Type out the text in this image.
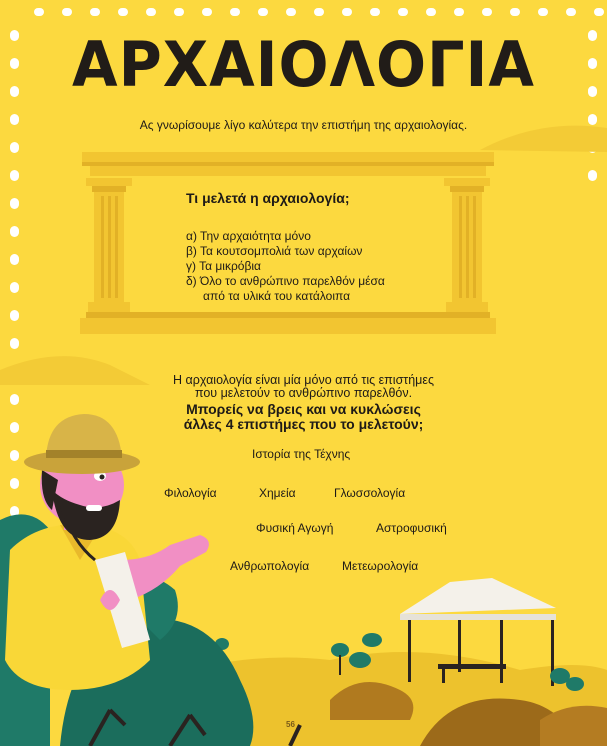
ΑΡΧΑΙΟΛΟΓΙΑ
Ας γνωρίσουμε λίγο καλύτερα την επιστήμη της αρχαιολογίας.
Τι μελετά η αρχαιολογία;
α) Την αρχαιότητα μόνο
β) Τα κουτσομπολιά των αρχαίων
γ) Τα μικρόβια
δ) Όλο το ανθρώπινο παρελθόν μέσα
από τα υλικά του κατάλοιπα
Η αρχαιολογία είναι μία μόνο από τις επιστήμες
που μελετούν το ανθρώπινο παρελθόν.
Μπορείς να βρεις και να κυκλώσεις
άλλες 4 επιστήμες που το μελετούν;
Ιστορία της Τέχνης
Φιλολογία	Χημεία	Γλωσσολογία
Φυσική Αγωγή	Αστροφυσική
Ανθρωπολογία	Μετεωρολογία
56
